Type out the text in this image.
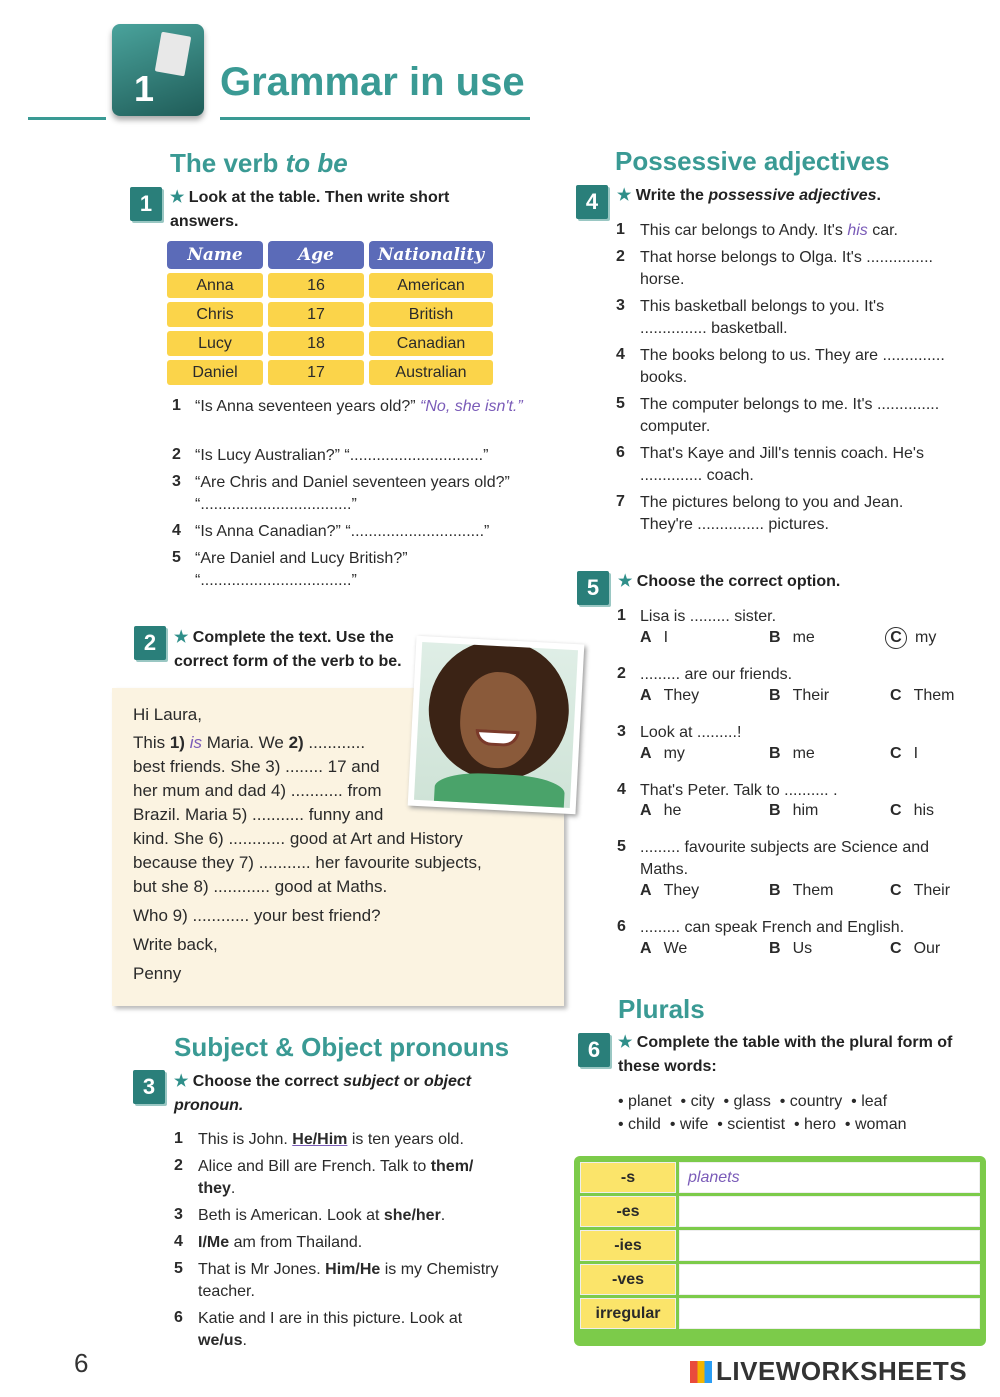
1 Grammar in use
The verb to be
1	★ Look at the table. Then write short answers.
Name	Age	Nationality
Anna	16	American
Chris	17	British
Lucy	18	Canadian
Daniel	17	Australian
1 “Is Anna seventeen years old?” “No, she isn't.”
2 “Is Lucy Australian?” “..............................”
3 “Are Chris and Daniel seventeen years old?” “..................................”
4 “Is Anna Canadian?” “..............................”
5 “Are Daniel and Lucy British?” “..................................”
2	★ Complete the text. Use the correct form of the verb to be.
Hi Laura,
This 1) is Maria. We 2) ............
best friends. She 3) ........ 17 and
her mum and dad 4) ........... from
Brazil. Maria 5) ........... funny and
kind. She 6) ............ good at Art and History
because they 7) ........... her favourite subjects,
but she 8) ............ good at Maths.
Who 9) ............ your best friend?
Write back,
Penny
Subject & Object pronouns
3	★ Choose the correct subject or object
pronoun.
1 This is John. He/Him is ten years old.
2 Alice and Bill are French. Talk to them/
they.
3 Beth is American. Look at she/her.
4 I/Me am from Thailand.
5 That is Mr Jones. Him/He is my Chemistry
teacher.
6 Katie and I are in this picture. Look at
we/us.
6
Possessive adjectives
4	★ Write the possessive adjectives.
1 This car belongs to Andy. It's his car.
2 That horse belongs to Olga. It's ...............
horse.
3 This basketball belongs to you. It's
............... basketball.
4 The books belong to us. They are ..............
books.
5 The computer belongs to me. It's ..............
computer.
6 That's Kaye and Jill's tennis coach. He's
.............. coach.
7 The pictures belong to you and Jean.
They're ............... pictures.
5	★ Choose the correct option.
1 Lisa is ......... sister.
A I	B me	C my
2 ......... are our friends.
A They	B Their	C Them
3 Look at .........!
A my	B me	C I
4 That's Peter. Talk to .......... .
A he	B him	C his
5 ......... favourite subjects are Science and
Maths.
A They	B Them	C Their
6 ......... can speak French and English.
A We	B Us	C Our
Plurals
6	★ Complete the table with the plural form of these words:
• planet  • city  • glass  • country  • leaf
• child  • wife  • scientist  • hero  • woman
-s	planets
-es
-ies
-ves
irregular
LIVEWORKSHEETS
